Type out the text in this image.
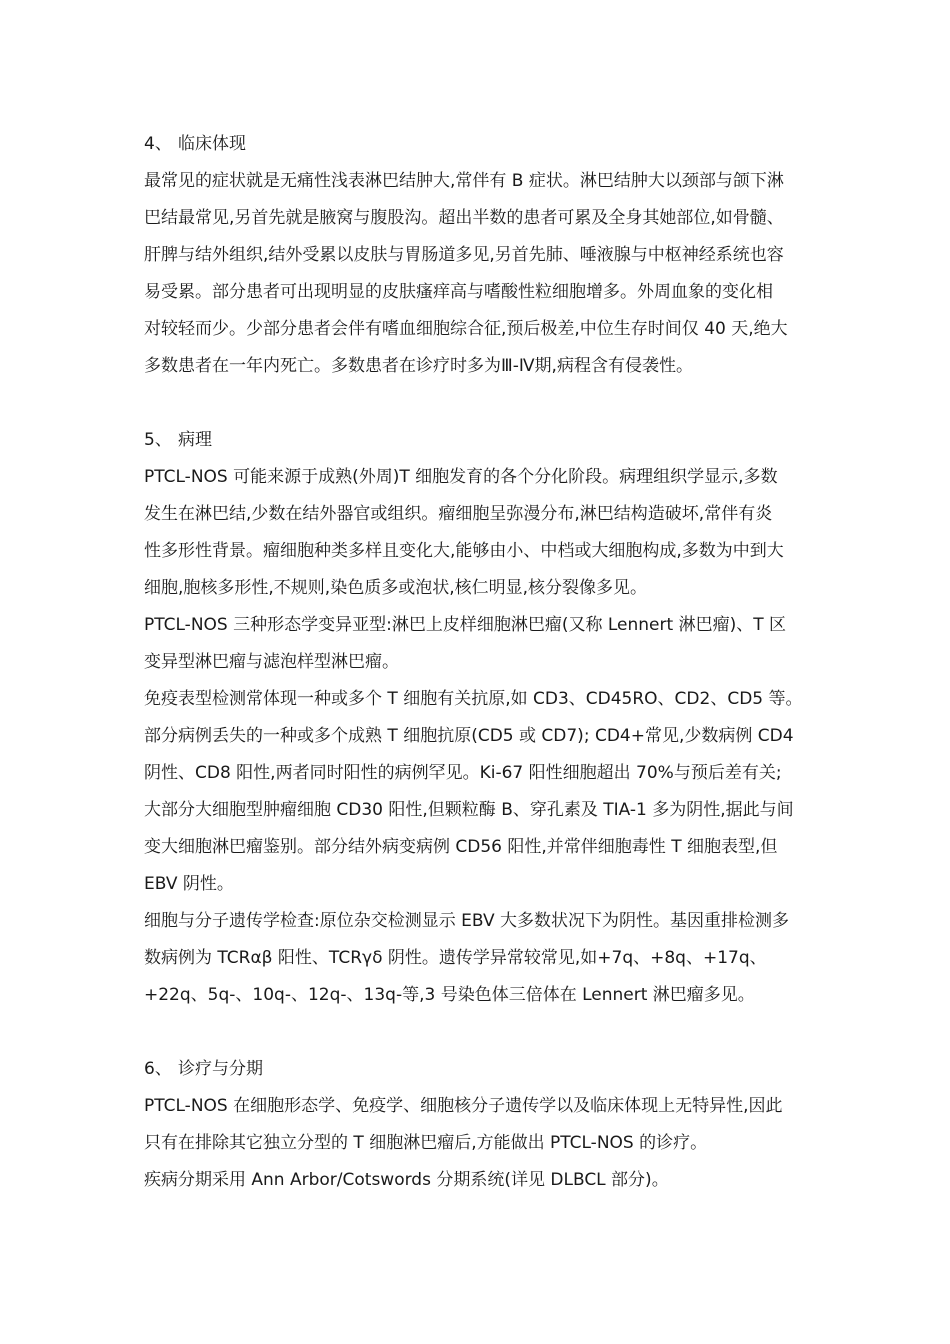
4、 临床体现
最常见的症状就是无痛性浅表淋巴结肿大,常伴有 B 症状。淋巴结肿大以颈部与颌下淋
巴结最常见,另首先就是腋窝与腹股沟。超出半数的患者可累及全身其她部位,如骨髓、
肝脾与结外组织,结外受累以皮肤与胃肠道多见,另首先肺、唾液腺与中枢神经系统也容
易受累。部分患者可出现明显的皮肤瘙痒高与嗜酸性粒细胞增多。外周血象的变化相
对较轻而少。少部分患者会伴有嗜血细胞综合征,预后极差,中位生存时间仅 40 天,绝大
多数患者在一年内死亡。多数患者在诊疗时多为Ⅲ-Ⅳ期,病程含有侵袭性。
5、 病理
PTCL-NOS 可能来源于成熟(外周)T 细胞发育的各个分化阶段。病理组织学显示,多数
发生在淋巴结,少数在结外器官或组织。瘤细胞呈弥漫分布,淋巴结构造破坏,常伴有炎
性多形性背景。瘤细胞种类多样且变化大,能够由小、中档或大细胞构成,多数为中到大
细胞,胞核多形性,不规则,染色质多或泡状,核仁明显,核分裂像多见。
PTCL-NOS 三种形态学变异亚型:淋巴上皮样细胞淋巴瘤(又称 Lennert 淋巴瘤)、T 区
变异型淋巴瘤与滤泡样型淋巴瘤。
免疫表型检测常体现一种或多个 T 细胞有关抗原,如 CD3、CD45RO、CD2、CD5 等。
部分病例丢失的一种或多个成熟 T 细胞抗原(CD5 或 CD7); CD4+常见,少数病例 CD4
阴性、CD8 阳性,两者同时阳性的病例罕见。Ki-67 阳性细胞超出 70%与预后差有关;
大部分大细胞型肿瘤细胞 CD30 阳性,但颗粒酶 B、穿孔素及 TIA-1 多为阴性,据此与间
变大细胞淋巴瘤鉴别。部分结外病变病例 CD56 阳性,并常伴细胞毒性 T 细胞表型,但
EBV 阴性。
细胞与分子遗传学检查:原位杂交检测显示 EBV 大多数状况下为阴性。基因重排检测多
数病例为 TCRαβ 阳性、TCRγδ 阴性。遗传学异常较常见,如+7q、+8q、+17q、
+22q、5q-、10q-、12q-、13q-等,3 号染色体三倍体在 Lennert 淋巴瘤多见。
6、 诊疗与分期
PTCL-NOS 在细胞形态学、免疫学、细胞核分子遗传学以及临床体现上无特异性,因此
只有在排除其它独立分型的 T 细胞淋巴瘤后,方能做出 PTCL-NOS 的诊疗。
疾病分期采用 Ann Arbor/Cotswords 分期系统(详见 DLBCL 部分)。
